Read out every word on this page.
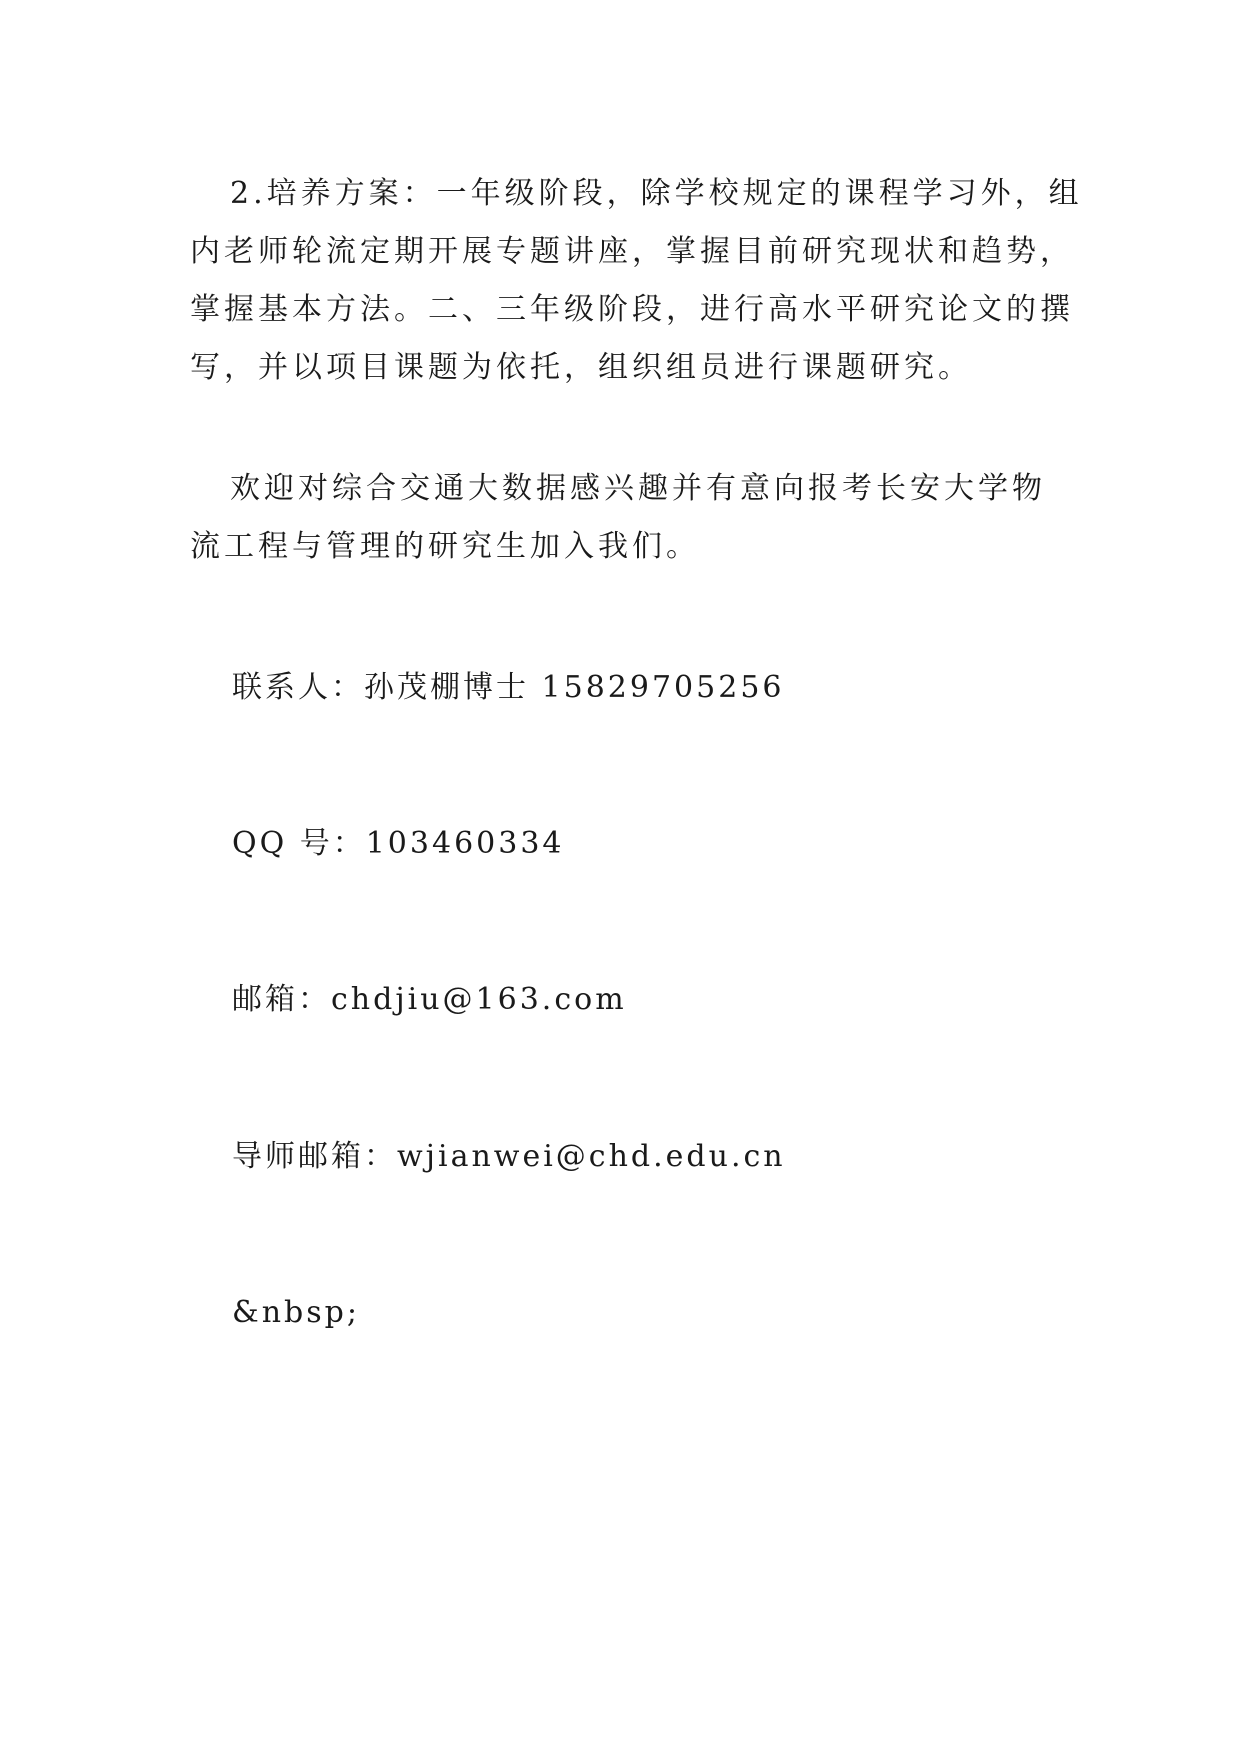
2.培养方案：一年级阶段，除学校规定的课程学习外，组
内老师轮流定期开展专题讲座，掌握目前研究现状和趋势，
掌握基本方法。二、三年级阶段，进行高水平研究论文的撰
写，并以项目课题为依托，组织组员进行课题研究。
欢迎对综合交通大数据感兴趣并有意向报考长安大学物
流工程与管理的研究生加入我们。

联系人：孙茂棚博士 15829705256

QQ 号：103460334

邮箱：chdjiu@163.com

导师邮箱：wjianwei@chd.edu.cn

&nbsp;
